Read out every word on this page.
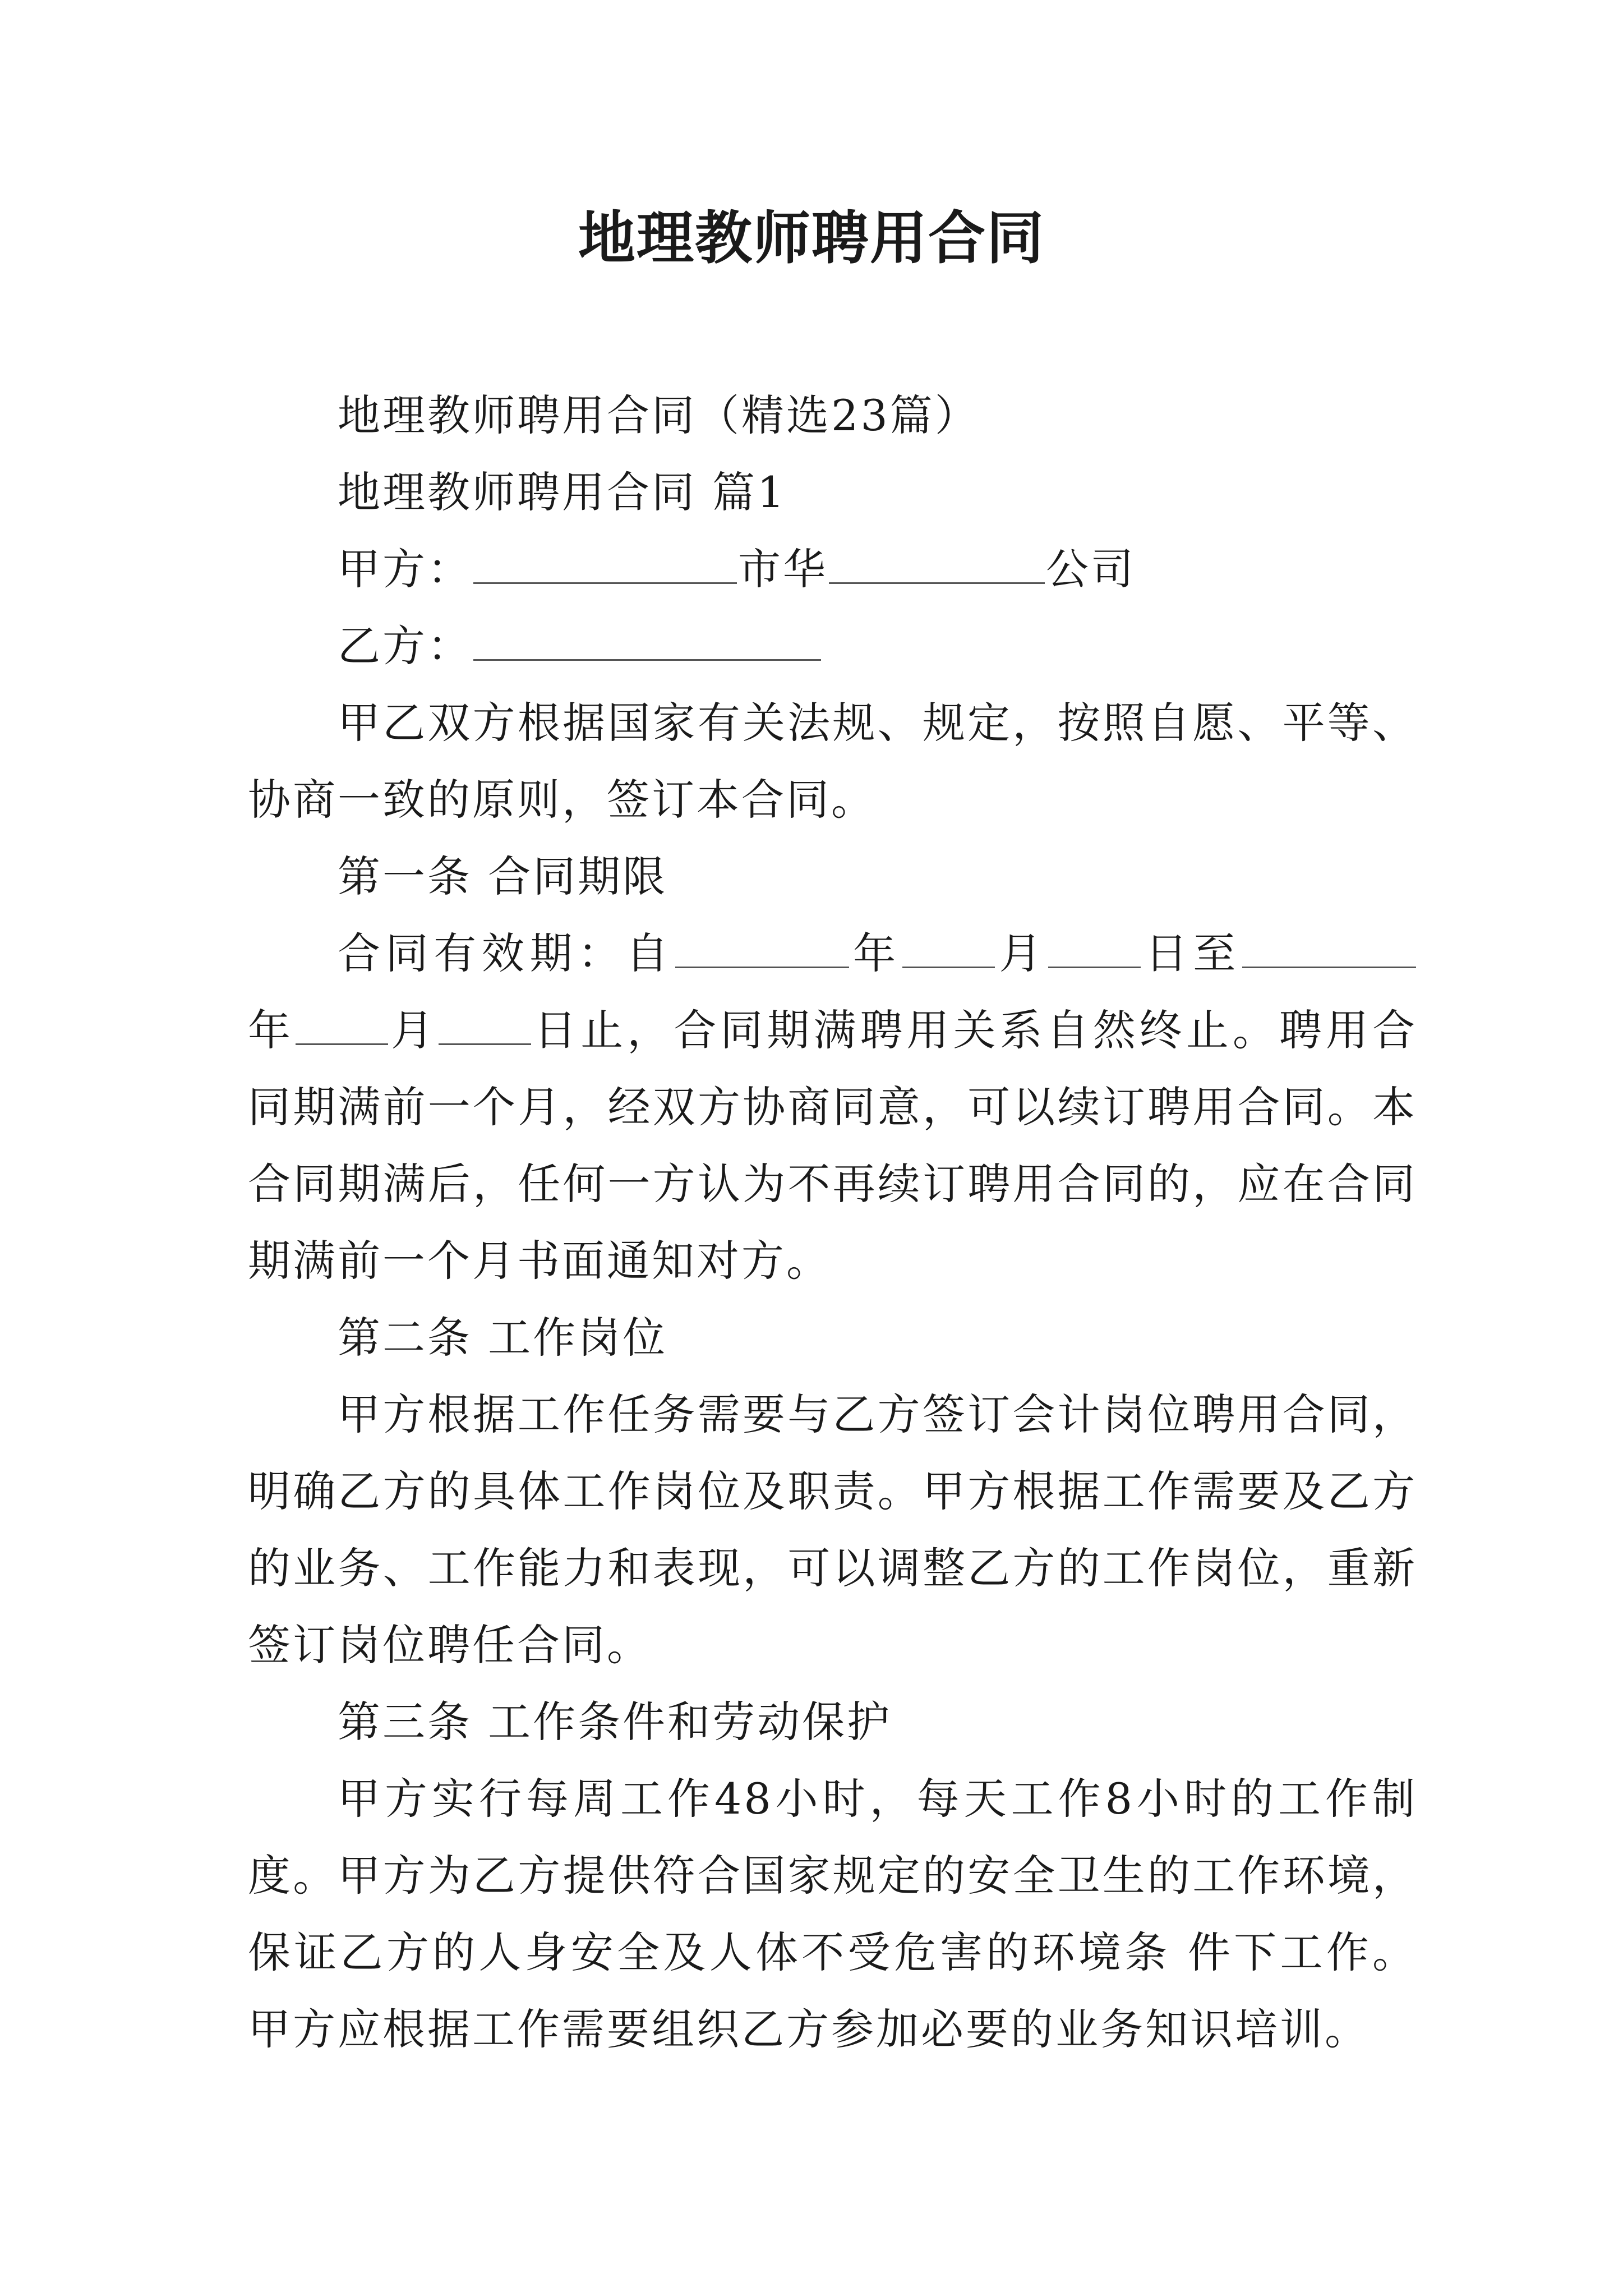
地理教师聘用合同

地理教师聘用合同（精选23篇）

地理教师聘用合同 篇1

甲方：	市华	公司

乙方：

甲乙双方根据国家有关法规、规定，按照自愿、平等、协商一致的原则，签订本合同。

第一条 合同期限

合同有效期：自	年 月 日至年 月 日止，合同期满聘用关系自然终止。聘用合同期满前一个月，经双方协商同意，可以续订聘用合同。本合同期满后，任何一方认为不再续订聘用合同的，应在合同期满前一个月书面通知对方。

第二条 工作岗位

甲方根据工作任务需要与乙方签订会计岗位聘用合同，明确乙方的具体工作岗位及职责。甲方根据工作需要及乙方的业务、工作能力和表现，可以调整乙方的工作岗位，重新签订岗位聘任合同。

第三条 工作条件和劳动保护

甲方实行每周工作48小时，每天工作8小时的工作制度。甲方为乙方提供符合国家规定的安全卫生的工作环境，保证乙方的人身安全及人体不受危害的环境条 件下工作。甲方应根据工作需要组织乙方参加必要的业务知识培训。
